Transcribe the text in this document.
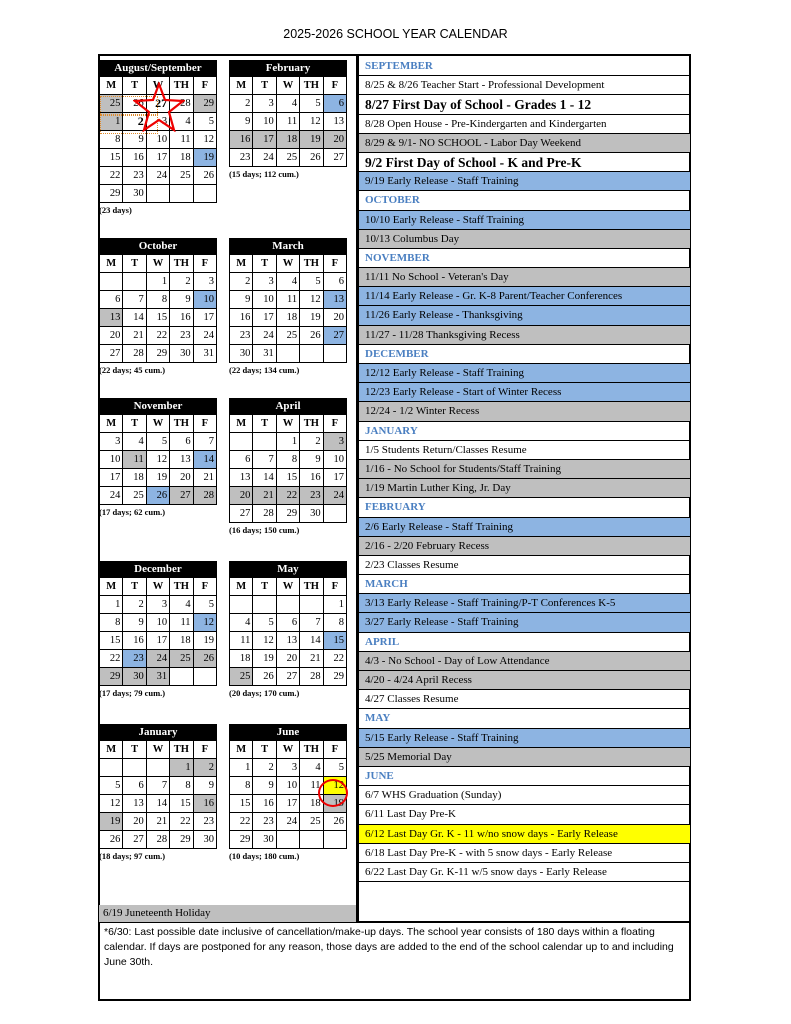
2025-2026 SCHOOL YEAR CALENDAR
August/September
M	T	W	TH	F
25	26	27	28	29
1	2	3	4	5
8	9	10	11	12
15	16	17	18	19
22	23	24	25	26
29	30			
(23 days)
February
M	T	W	TH	F
2	3	4	5	6
9	10	11	12	13
16	17	18	19	20
23	24	25	26	27
(15 days; 112 cum.)
October
M	T	W	TH	F
		1	2	3
6	7	8	9	10
13	14	15	16	17
20	21	22	23	24
27	28	29	30	31
(22 days; 45 cum.)
March
M	T	W	TH	F
2	3	4	5	6
9	10	11	12	13
16	17	18	19	20
23	24	25	26	27
30	31			
(22 days; 134 cum.)
November
M	T	W	TH	F
3	4	5	6	7
10	11	12	13	14
17	18	19	20	21
24	25	26	27	28
(17 days; 62 cum.)
April
M	T	W	TH	F
		1	2	3
6	7	8	9	10
13	14	15	16	17
20	21	22	23	24
27	28	29	30	
(16 days; 150 cum.)
December
M	T	W	TH	F
1	2	3	4	5
8	9	10	11	12
15	16	17	18	19
22	23	24	25	26
29	30	31		
(17 days; 79 cum.)
May
M	T	W	TH	F
				1
4	5	6	7	8
11	12	13	14	15
18	19	20	21	22
25	26	27	28	29
(20 days; 170 cum.)
January
M	T	W	TH	F
			1	2
5	6	7	8	9
12	13	14	15	16
19	20	21	22	23
26	27	28	29	30
(18 days; 97 cum.)
June
M	T	W	TH	F
1	2	3	4	5
8	9	10	11	12
15	16	17	18	19
22	23	24	25	26
29	30			
(10 days; 180 cum.)
SEPTEMBER
8/25 & 8/26 Teacher Start - Professional Development
8/27 First Day of School - Grades 1 - 12
8/28 Open House - Pre-Kindergarten and Kindergarten
8/29 & 9/1- NO SCHOOL - Labor Day Weekend
9/2 First Day of School - K and Pre-K
9/19 Early Release - Staff Training
OCTOBER
10/10 Early Release - Staff Training
10/13 Columbus Day
NOVEMBER
11/11 No School - Veteran's Day
11/14 Early Release - Gr. K-8 Parent/Teacher Conferences
11/26 Early Release - Thanksgiving
11/27 - 11/28 Thanksgiving Recess
DECEMBER
12/12 Early Release - Staff Training
12/23 Early Release - Start of Winter Recess
12/24 - 1/2 Winter Recess
JANUARY
1/5 Students Return/Classes Resume
1/16 - No School for Students/Staff Training
1/19 Martin Luther King, Jr. Day
FEBRUARY
2/6 Early Release - Staff Training
2/16 - 2/20 February Recess
2/23 Classes Resume
MARCH
3/13 Early Release - Staff Training/P-T Conferences K-5
3/27 Early Release - Staff Training
APRIL
4/3 - No School - Day of Low Attendance
4/20 - 4/24 April Recess
4/27 Classes Resume
MAY
5/15 Early Release - Staff Training
5/25 Memorial Day
JUNE
6/7 WHS Graduation (Sunday)
6/11 Last Day Pre-K
6/12 Last Day Gr. K - 11 w/no snow days - Early Release
6/18 Last Day Pre-K - with 5 snow days - Early Release
6/22 Last Day Gr. K-11 w/5 snow days - Early Release
6/19 Juneteenth Holiday
*6/30: Last possible date inclusive of cancellation/make-up days. The school year consists of 180 days within a floating calendar. If days are postponed for any reason, those days are added to the end of the school calendar up to and including June 30th.
